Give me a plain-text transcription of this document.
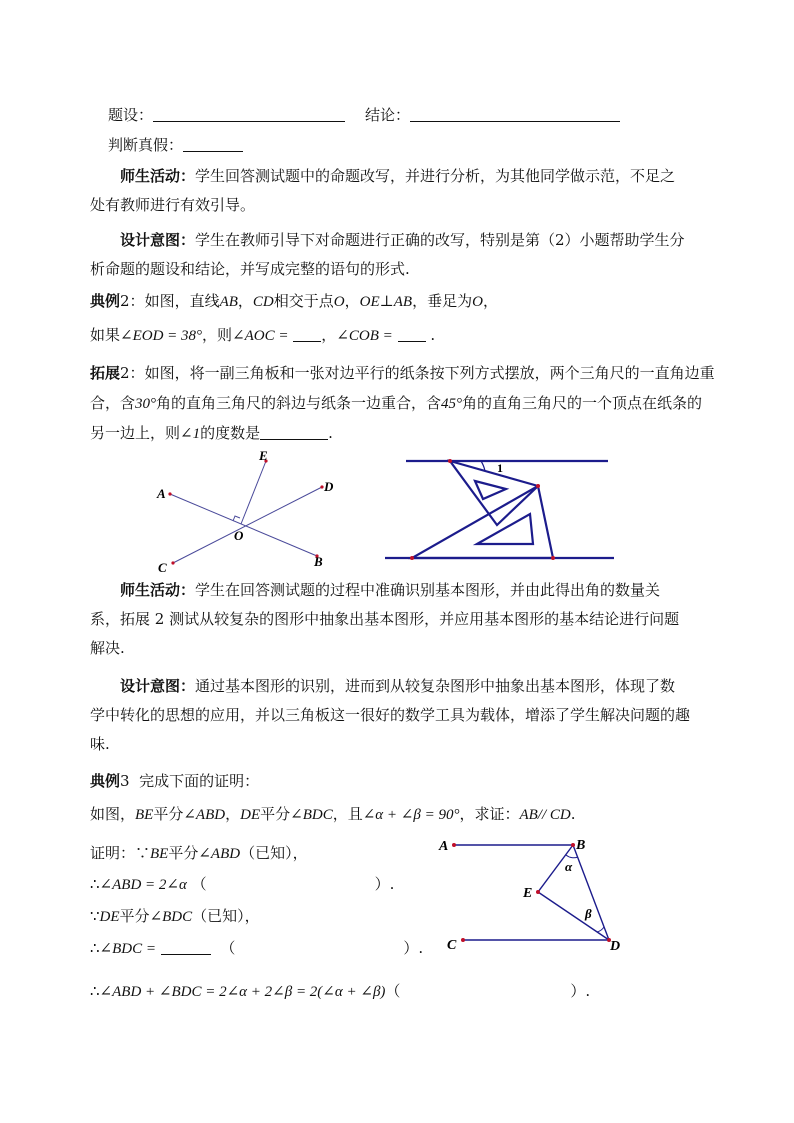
题设：	结论：
判断真假：
师生活动：学生回答测试题中的命题改写，并进行分析，为其他同学做示范，不足之处有教师进行有效引导。
设计意图：学生在教师引导下对命题进行正确的改写，特别是第（2）小题帮助学生分析命题的题设和结论，并写成完整的语句的形式.
典例2：如图，直线AB，CD相交于点O，OE⊥AB，垂足为O，
如果∠EOD = 38°，则∠AOC = ，∠COB =	.
拓展2：如图，将一副三角板和一张对边平行的纸条按下列方式摆放，两个三角尺的一直角边重
合，含30°角的直角三角尺的斜边与纸条一边重合，含45°角的直角三角尺的一个顶点在纸条的
另一边上，则∠1的度数是	.
E
D
A
O
C	B
1
师生活动：学生在回答测试题的过程中准确识别基本图形，并由此得出角的数量关系，拓展 2 测试从较复杂的图形中抽象出基本图形，并应用基本图形的基本结论进行问题解决.
设计意图：通过基本图形的识别，进而到从较复杂图形中抽象出基本图形，体现了数学中转化的思想的应用，并以三角板这一很好的数学工具为载体，增添了学生解决问题的趣味.
典例3 完成下面的证明：
如图，BE平分∠ABD，DE平分∠BDC，且∠α + ∠β = 90°，求证：AB// CD.
证明：∵BE平分∠ABD（已知），
∴∠ABD = 2∠α （	）.
∵DE平分∠BDC（已知），
∴∠BDC =	（	）.
∴∠ABD + ∠BDC = 2∠α + 2∠β = 2(∠α + ∠β)（	）.
A	B
E
C	D
α
β
